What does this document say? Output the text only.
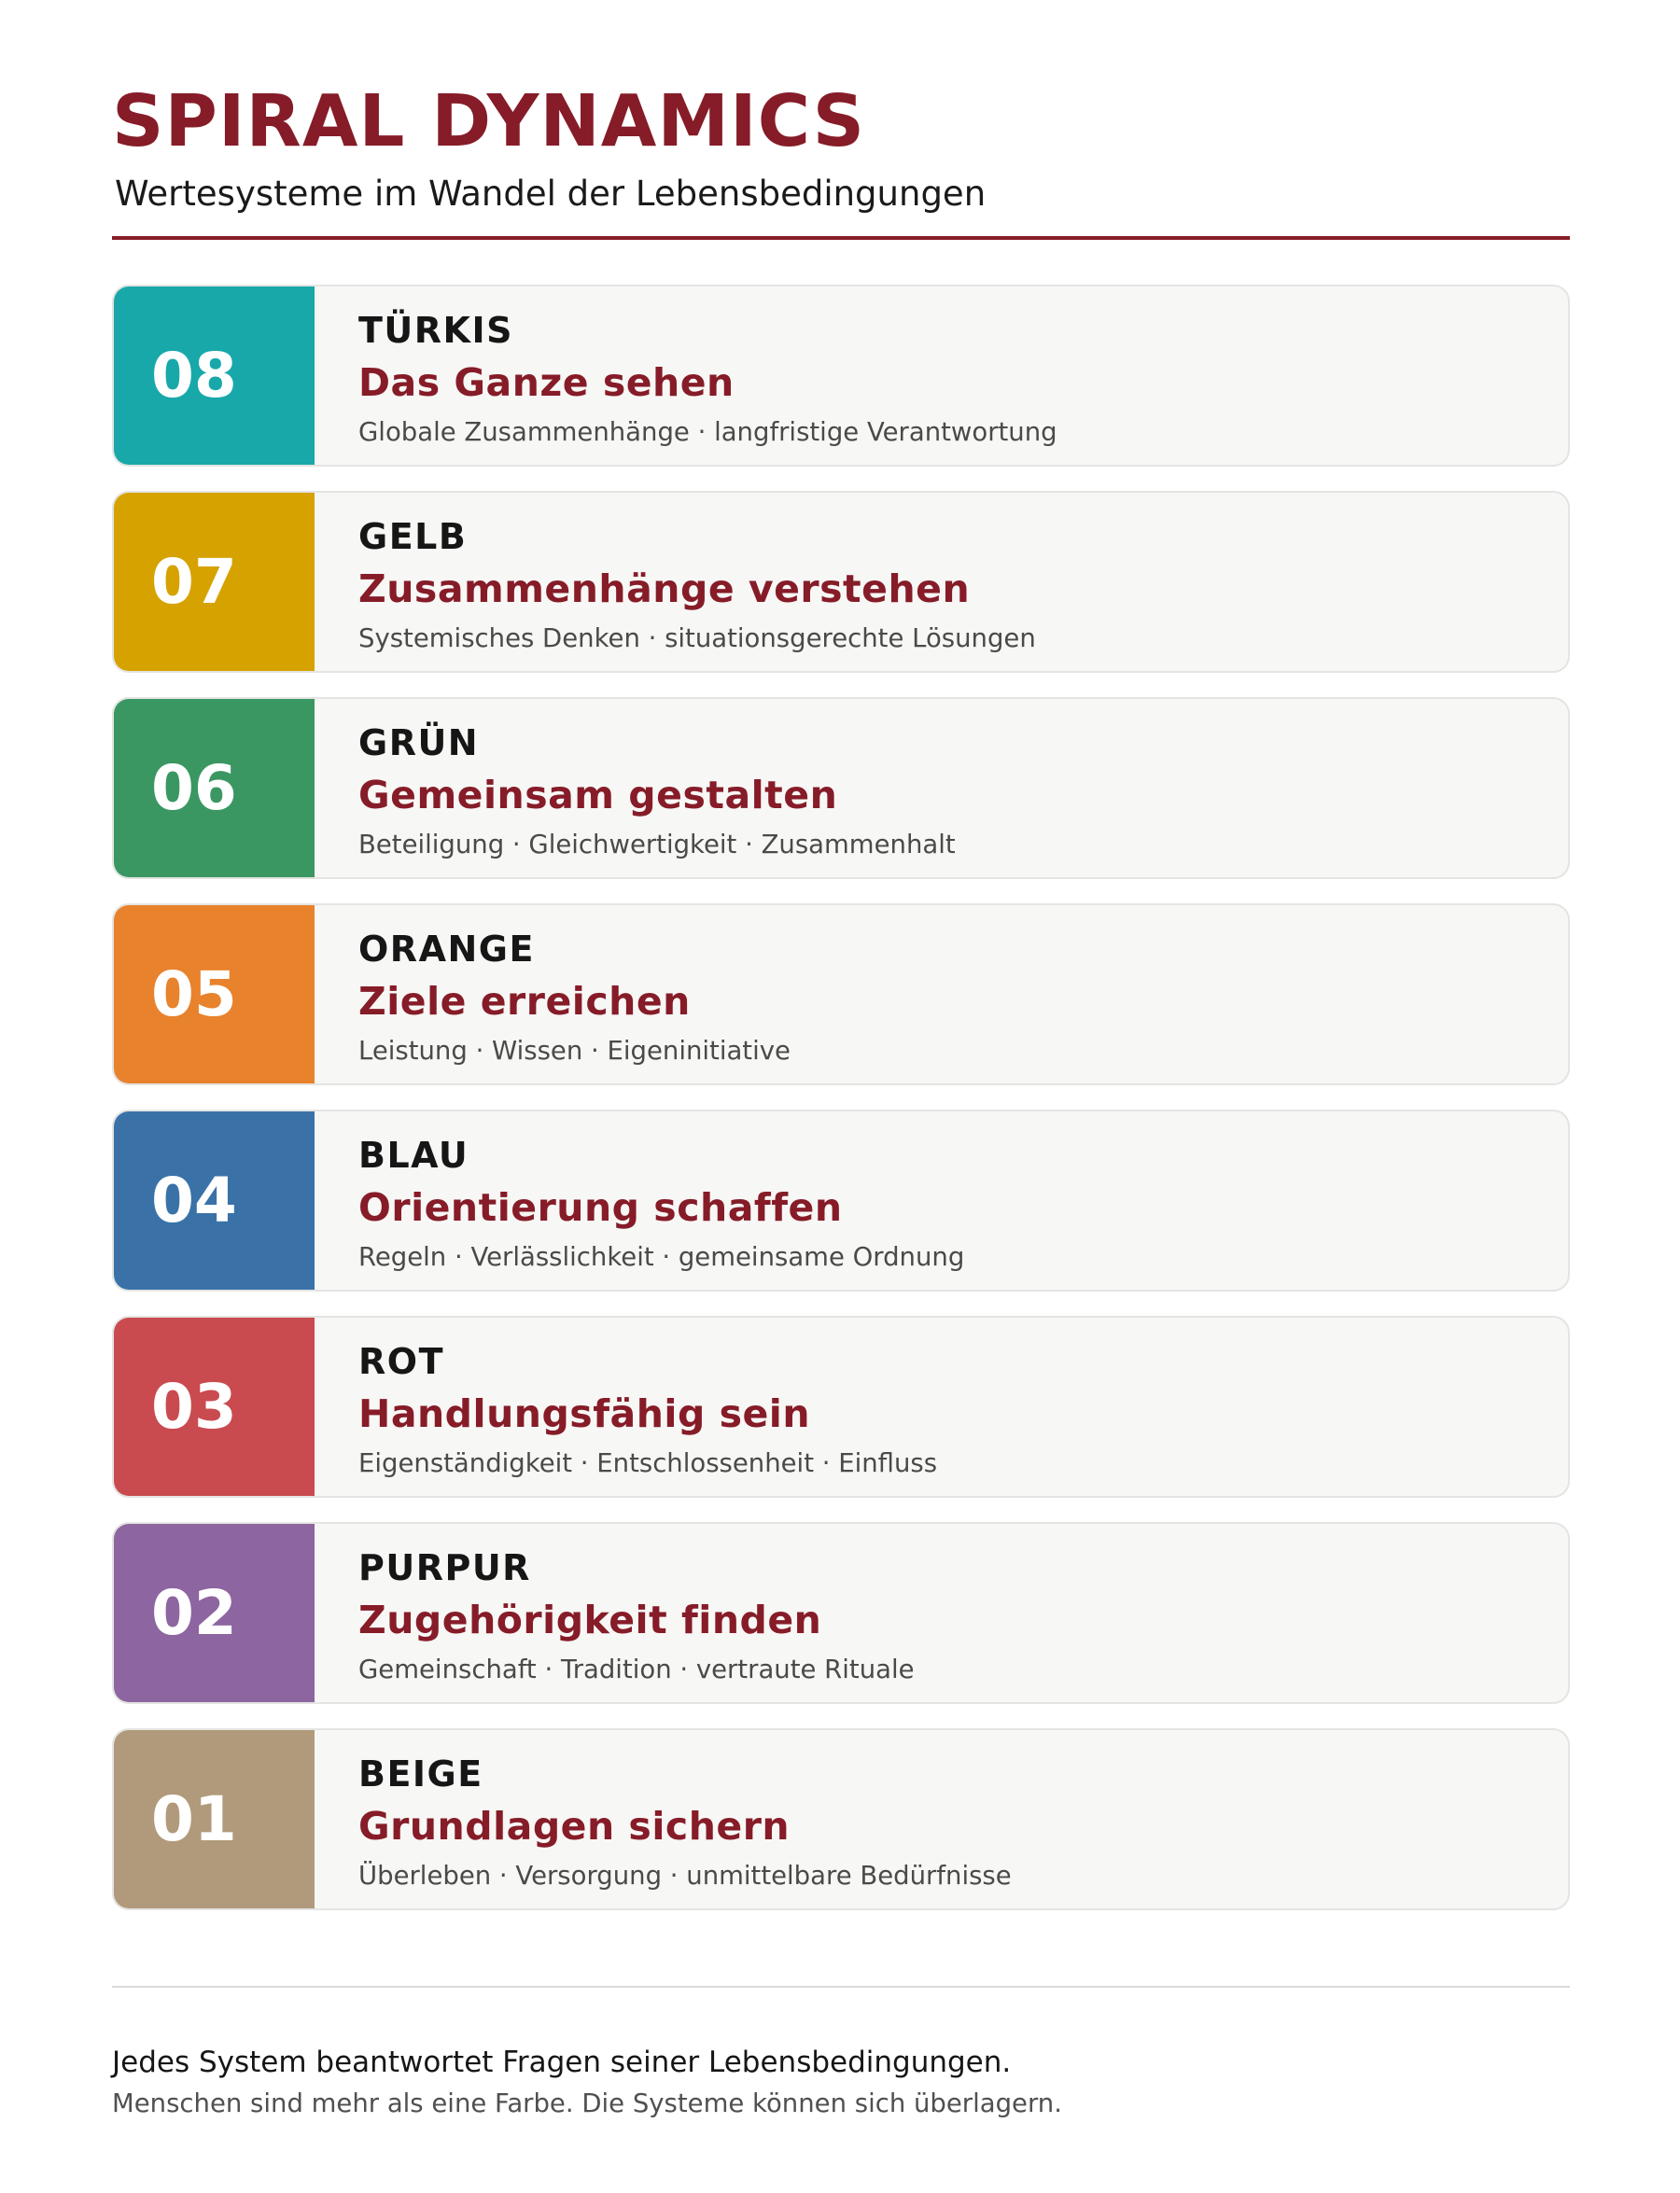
SPIRAL DYNAMICS
Wertesysteme im Wandel der Lebensbedingungen
08
TÜRKIS
Das Ganze sehen
Globale Zusammenhänge · langfristige Verantwortung
07
GELB
Zusammenhänge verstehen
Systemisches Denken · situationsgerechte Lösungen
06
GRÜN
Gemeinsam gestalten
Beteiligung · Gleichwertigkeit · Zusammenhalt
05
ORANGE
Ziele erreichen
Leistung · Wissen · Eigeninitiative
04
BLAU
Orientierung schaffen
Regeln · Verlässlichkeit · gemeinsame Ordnung
03
ROT
Handlungsfähig sein
Eigenständigkeit · Entschlossenheit · Einfluss
02
PURPUR
Zugehörigkeit finden
Gemeinschaft · Tradition · vertraute Rituale
01
BEIGE
Grundlagen sichern
Überleben · Versorgung · unmittelbare Bedürfnisse

Jedes System beantwortet Fragen seiner Lebensbedingungen.

Menschen sind mehr als eine Farbe. Die Systeme können sich überlagern.
